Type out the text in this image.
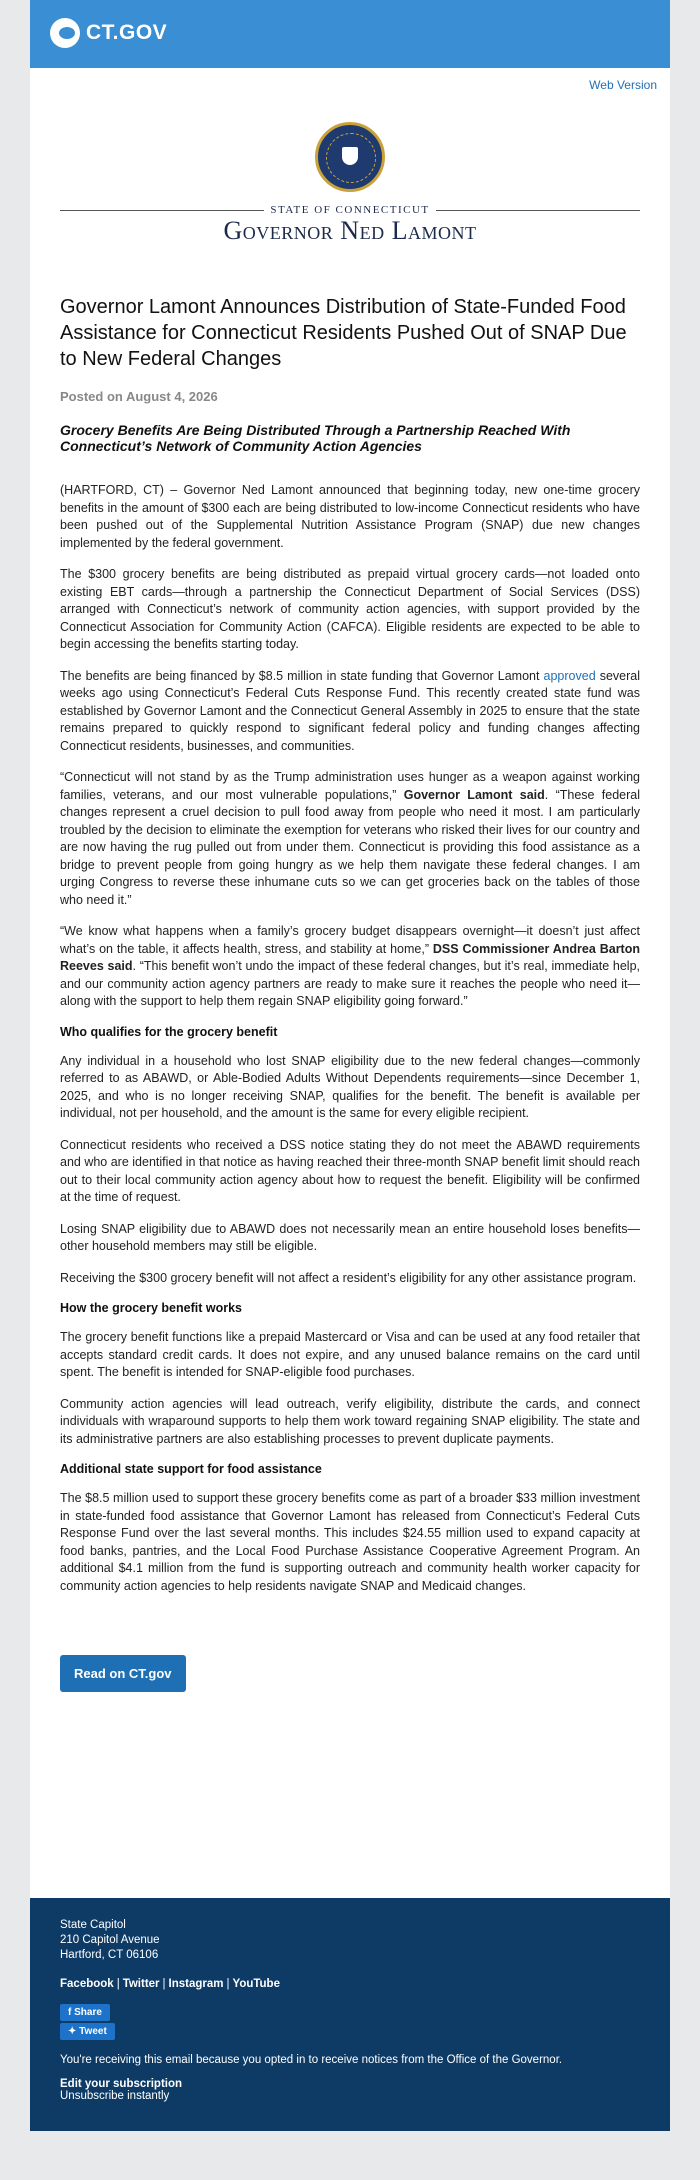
CT.GOV
Web Version
STATE OF CONNECTICUT
Governor Ned Lamont
Governor Lamont Announces Distribution of State-Funded Food Assistance for Connecticut Residents Pushed Out of SNAP Due to New Federal Changes
Posted on August 4, 2026
Grocery Benefits Are Being Distributed Through a Partnership Reached With Connecticut’s Network of Community Action Agencies

(HARTFORD, CT) – Governor Ned Lamont announced that beginning today, new one-time grocery benefits in the amount of $300 each are being distributed to low-income Connecticut residents who have been pushed out of the Supplemental Nutrition Assistance Program (SNAP) due new changes implemented by the federal government.

The $300 grocery benefits are being distributed as prepaid virtual grocery cards—not loaded onto existing EBT cards—through a partnership the Connecticut Department of Social Services (DSS) arranged with Connecticut’s network of community action agencies, with support provided by the Connecticut Association for Community Action (CAFCA). Eligible residents are expected to be able to begin accessing the benefits starting today.

The benefits are being financed by $8.5 million in state funding that Governor Lamont approved several weeks ago using Connecticut’s Federal Cuts Response Fund. This recently created state fund was established by Governor Lamont and the Connecticut General Assembly in 2025 to ensure that the state remains prepared to quickly respond to significant federal policy and funding changes affecting Connecticut residents, businesses, and communities.

“Connecticut will not stand by as the Trump administration uses hunger as a weapon against working families, veterans, and our most vulnerable populations,” Governor Lamont said. “These federal changes represent a cruel decision to pull food away from people who need it most. I am particularly troubled by the decision to eliminate the exemption for veterans who risked their lives for our country and are now having the rug pulled out from under them. Connecticut is providing this food assistance as a bridge to prevent people from going hungry as we help them navigate these federal changes. I am urging Congress to reverse these inhumane cuts so we can get groceries back on the tables of those who need it.”

“We know what happens when a family’s grocery budget disappears overnight—it doesn’t just affect what’s on the table, it affects health, stress, and stability at home,” DSS Commissioner Andrea Barton Reeves said. “This benefit won’t undo the impact of these federal changes, but it’s real, immediate help, and our community action agency partners are ready to make sure it reaches the people who need it—along with the support to help them regain SNAP eligibility going forward.”

Who qualifies for the grocery benefit

Any individual in a household who lost SNAP eligibility due to the new federal changes—commonly referred to as ABAWD, or Able-Bodied Adults Without Dependents requirements—since December 1, 2025, and who is no longer receiving SNAP, qualifies for the benefit. The benefit is available per individual, not per household, and the amount is the same for every eligible recipient.

Connecticut residents who received a DSS notice stating they do not meet the ABAWD requirements and who are identified in that notice as having reached their three-month SNAP benefit limit should reach out to their local community action agency about how to request the benefit. Eligibility will be confirmed at the time of request.

Losing SNAP eligibility due to ABAWD does not necessarily mean an entire household loses benefits—other household members may still be eligible.

Receiving the $300 grocery benefit will not affect a resident’s eligibility for any other assistance program.

How the grocery benefit works

The grocery benefit functions like a prepaid Mastercard or Visa and can be used at any food retailer that accepts standard credit cards. It does not expire, and any unused balance remains on the card until spent. The benefit is intended for SNAP-eligible food purchases.

Community action agencies will lead outreach, verify eligibility, distribute the cards, and connect individuals with wraparound supports to help them work toward regaining SNAP eligibility. The state and its administrative partners are also establishing processes to prevent duplicate payments.

Additional state support for food assistance

The $8.5 million used to support these grocery benefits come as part of a broader $33 million investment in state-funded food assistance that Governor Lamont has released from Connecticut’s Federal Cuts Response Fund over the last several months. This includes $24.55 million used to expand capacity at food banks, pantries, and the Local Food Purchase Assistance Cooperative Agreement Program. An additional $4.1 million from the fund is supporting outreach and community health worker capacity for community action agencies to help residents navigate SNAP and Medicaid changes.

Read on CT.gov
State Capitol
210 Capitol Avenue
Hartford, CT 06106
Facebook | Twitter | Instagram | YouTube
f Share
✦ Tweet
You're receiving this email because you opted in to receive notices from the Office of the Governor.
Edit your subscription
Unsubscribe instantly
